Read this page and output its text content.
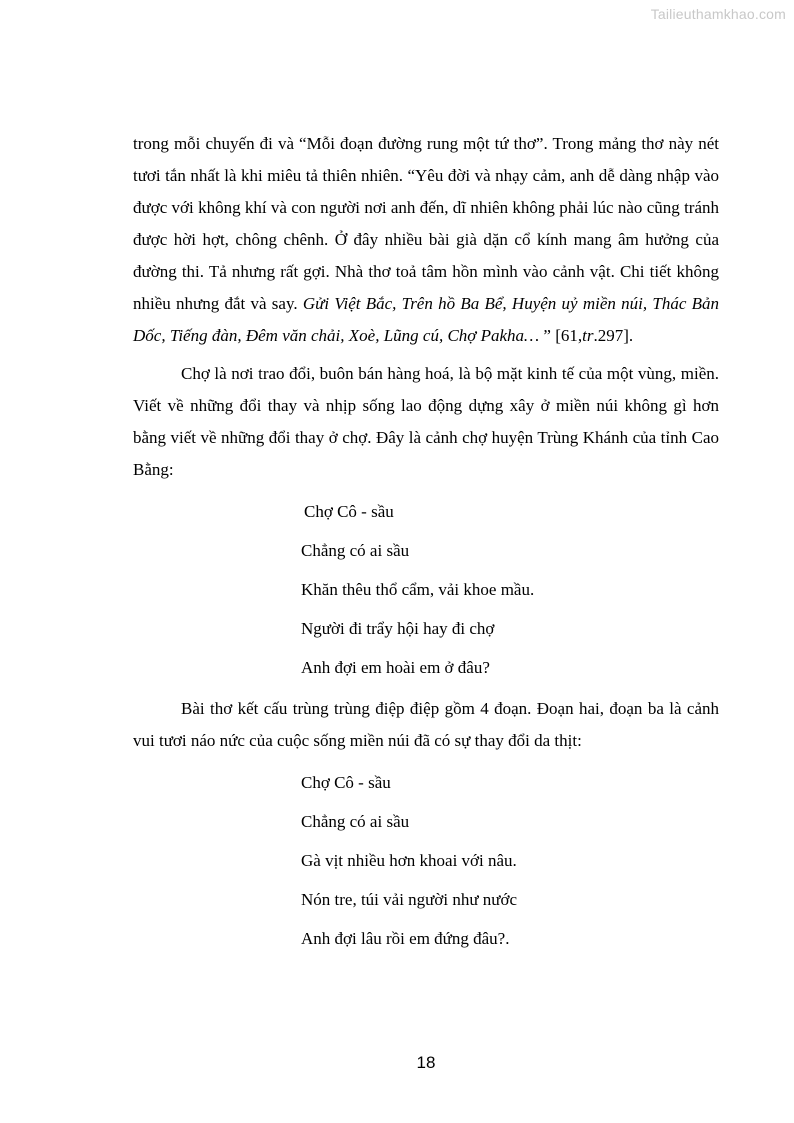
Tailieuthamkhao.com

trong mỗi chuyến đi và “Mỗi đoạn đường rung một tứ thơ”. Trong mảng thơ này nét tươi tắn nhất là khi miêu tả thiên nhiên. “Yêu đời và nhạy cảm, anh dễ dàng nhập vào được với không khí và con người nơi anh đến, dĩ nhiên không phải lúc nào cũng tránh được hời hợt, chông chênh. Ở đây nhiều bài già dặn cổ kính mang âm hưởng của đường thi. Tả nhưng rất gợi. Nhà thơ toả tâm hồn mình vào cảnh vật. Chi tiết không nhiều nhưng đắt và say. Gửi Việt Bắc, Trên hồ Ba Bể, Huyện uỷ miền núi, Thác Bản Dốc, Tiếng đàn, Đêm văn chải, Xoè, Lũng cú, Chợ Pakha… ” [61,tr.297].

Chợ là nơi trao đổi, buôn bán hàng hoá, là bộ mặt kinh tế của một vùng, miền. Viết về những đổi thay và nhịp sống lao động dựng xây ở miền núi không gì hơn bằng viết về những đổi thay ở chợ. Đây là cảnh chợ huyện Trùng Khánh của tỉnh Cao Bằng:

Chợ Cô - sầu
Chẳng có ai sầu
Khăn thêu thổ cẩm, vải khoe mầu.
Người đi trẩy hội hay đi chợ
Anh đợi em hoài em ở đâu?

Bài thơ kết cấu trùng trùng điệp điệp gồm 4 đoạn. Đoạn hai, đoạn ba là cảnh vui tươi náo nức của cuộc sống miền núi đã có sự thay đổi da thịt:

Chợ Cô - sầu
Chẳng có ai sầu
Gà vịt nhiều hơn khoai với nâu.
Nón tre, túi vải người như nước
Anh đợi lâu rồi em đứng đâu?.
18
